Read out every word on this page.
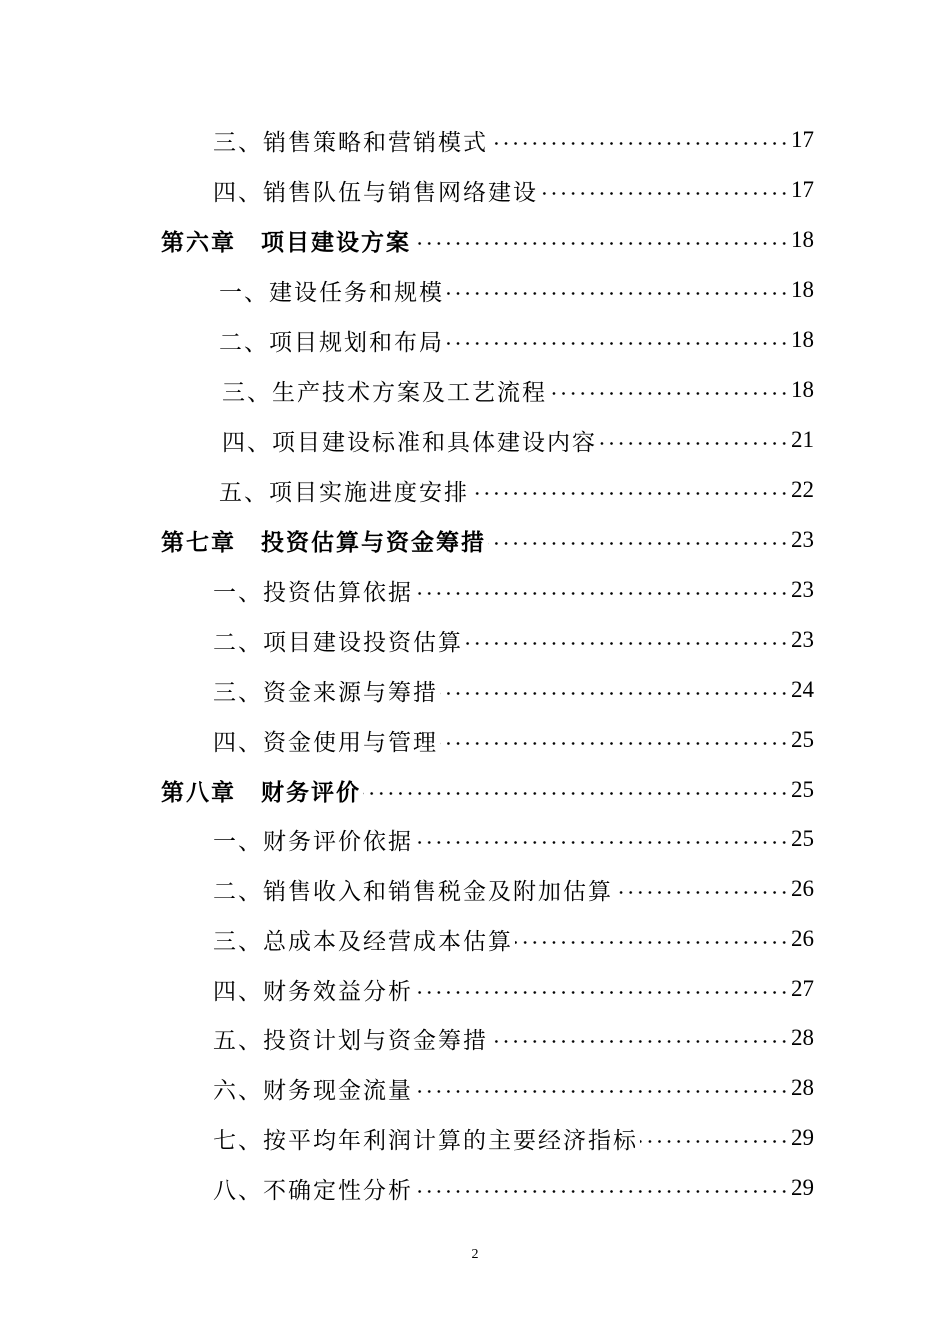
三、销售策略和营销模式	17
四、销售队伍与销售网络建设	17
第六章　项目建设方案	18
一、建设任务和规模	18
二、项目规划和布局	18
三、生产技术方案及工艺流程	18
四、项目建设标准和具体建设内容	21
五、项目实施进度安排	22
第七章　投资估算与资金筹措	23
一、投资估算依据	23
二、项目建设投资估算	23
三、资金来源与筹措	24
四、资金使用与管理	25
第八章　财务评价	25
一、财务评价依据	25
二、销售收入和销售税金及附加估算	26
三、总成本及经营成本估算	26
四、财务效益分析	27
五、投资计划与资金筹措	28
六、财务现金流量	28
七、按平均年利润计算的主要经济指标	29
八、不确定性分析	29
2
